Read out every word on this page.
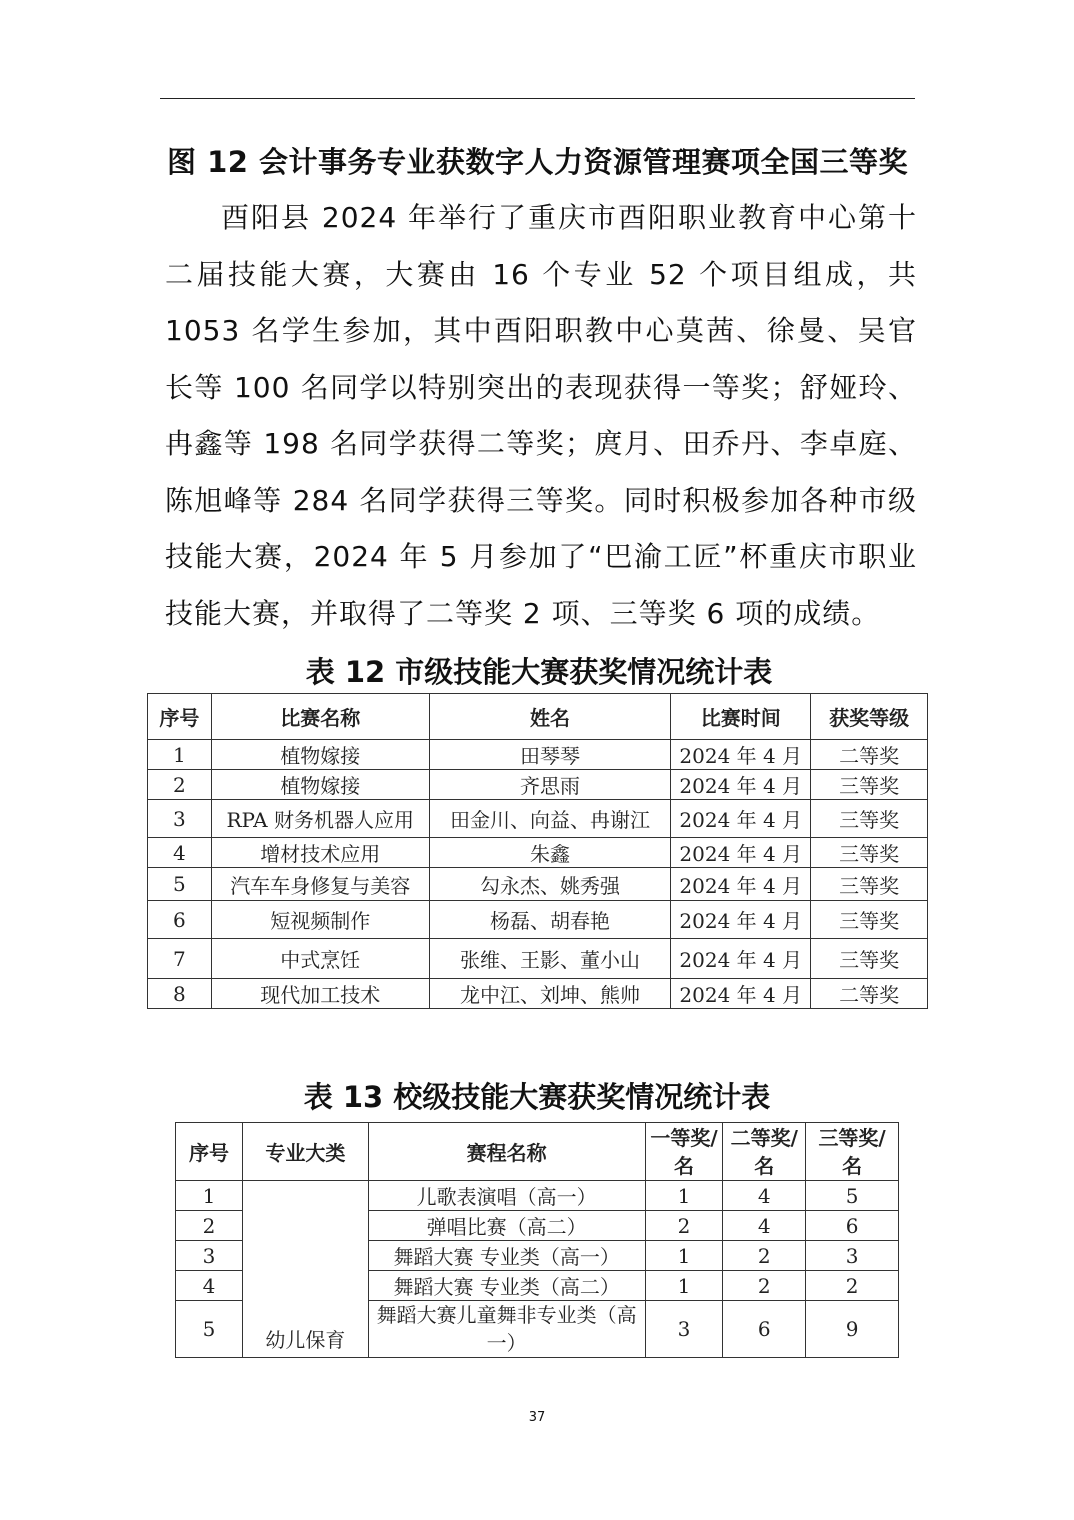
图 12 会计事务专业获数字人力资源管理赛项全国三等奖

酉阳县 2024 年举行了重庆市酉阳职业教育中心第十二届技能大赛，大赛由 16 个专业 52 个项目组成，共 1053 名学生参加，其中酉阳职教中心莫茜、徐曼、吴官长等 100 名同学以特别突出的表现获得一等奖；舒娅玲、冉鑫等 198 名同学获得二等奖；庹月、田乔丹、李卓庭、陈旭峰等 284 名同学获得三等奖。同时积极参加各种市级技能大赛，2024 年 5 月参加了“巴渝工匠”杯重庆市职业技能大赛，并取得了二等奖 2 项、三等奖 6 项的成绩。

表 12 市级技能大赛获奖情况统计表
序号	比赛名称	姓名	比赛时间	获奖等级
1	植物嫁接	田琴琴	2024 年 4 月	二等奖
2	植物嫁接	齐思雨	2024 年 4 月	三等奖
3	RPA 财务机器人应用	田金川、向益、冉谢江	2024 年 4 月	三等奖
4	增材技术应用	朱鑫	2024 年 4 月	三等奖
5	汽车车身修复与美容	勾永杰、姚秀强	2024 年 4 月	三等奖
6	短视频制作	杨磊、胡春艳	2024 年 4 月	三等奖
7	中式烹饪	张维、王影、董小山	2024 年 4 月	三等奖
8	现代加工技术	龙中江、刘坤、熊帅	2024 年 4 月	二等奖
表 13 校级技能大赛获奖情况统计表
序号	专业大类	赛程名称	一等奖/名	二等奖/名	三等奖/名
1	幼儿保育	儿歌表演唱（高一）	1	4	5
2		弹唱比赛（高二）	2	4	6
3		舞蹈大赛 专业类（高一）	1	2	3
4		舞蹈大赛 专业类（高二）	1	2	2
5		舞蹈大赛儿童舞非专业类（高一）	3	6	9
37
